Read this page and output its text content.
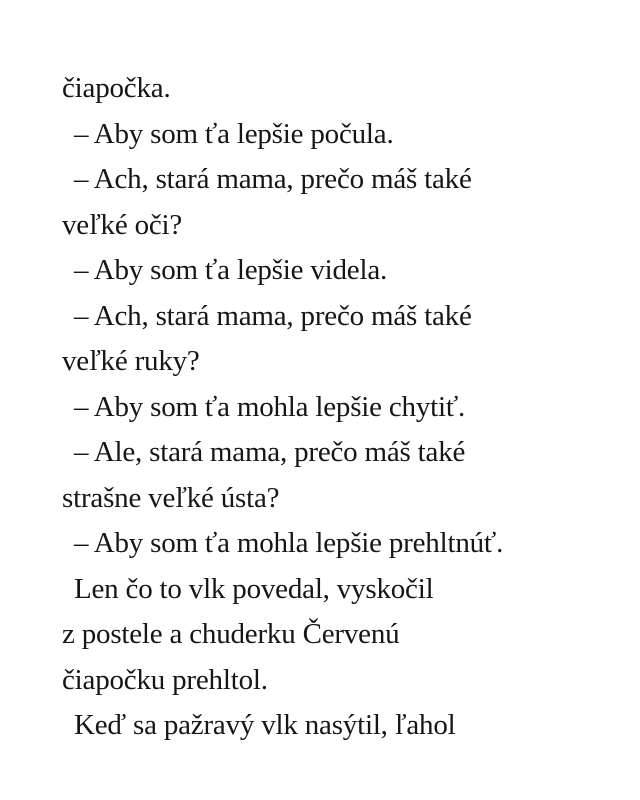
čiapočka.
– Aby som ťa lepšie počula.
– Ach, stará mama, prečo máš také
veľké oči?
– Aby som ťa lepšie videla.
– Ach, stará mama, prečo máš také
veľké ruky?
– Aby som ťa mohla lepšie chytiť.
– Ale, stará mama, prečo máš také
strašne veľké ústa?
– Aby som ťa mohla lepšie prehltnúť.
Len čo to vlk povedal, vyskočil
z postele a chuderku Červenú
čiapočku prehltol.
Keď sa pažravý vlk nasýtil, ľahol
